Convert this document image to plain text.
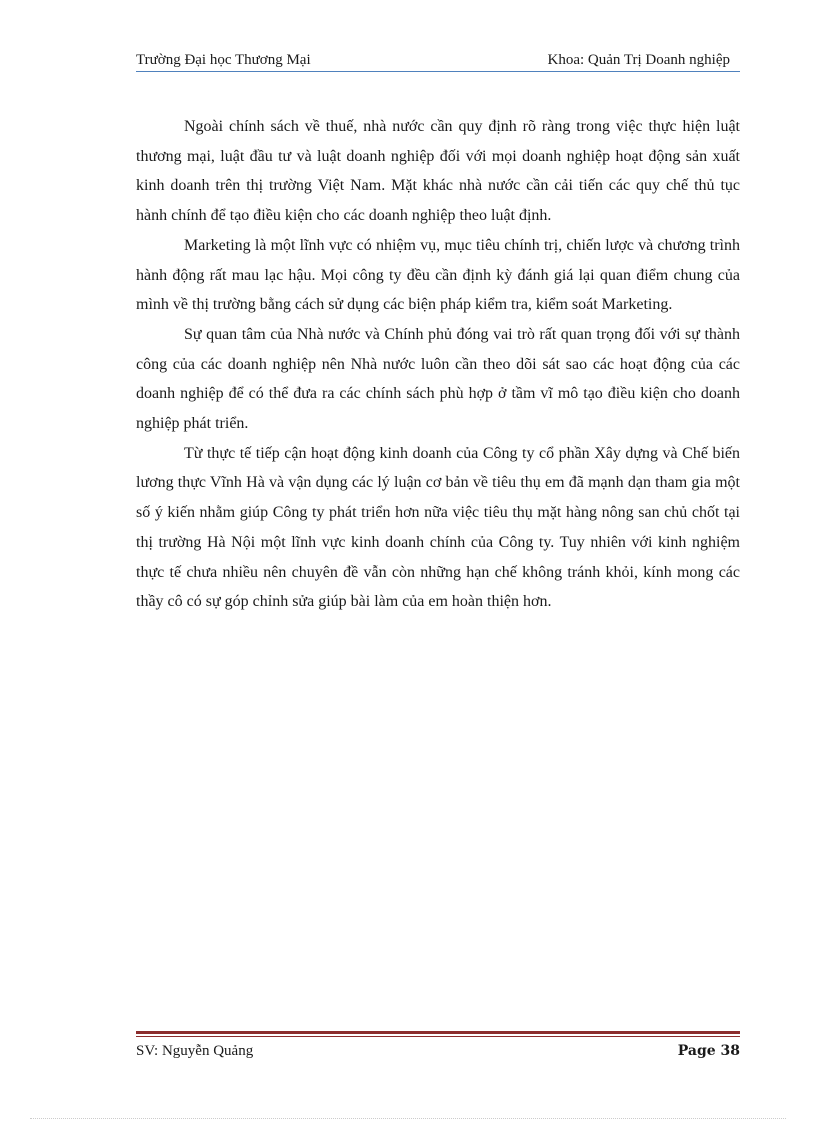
Trường Đại học Thương Mại	Khoa: Quản Trị Doanh nghiệp

Ngoài chính sách về thuế, nhà nước cần quy định rõ ràng trong việc thực hiện luật thương mại, luật đầu tư và luật doanh nghiệp đối với mọi doanh nghiệp hoạt động sản xuất kinh doanh trên thị trường Việt Nam. Mặt khác nhà nước cần cải tiến các quy chế thủ tục hành chính để tạo điều kiện cho các doanh nghiệp theo luật định.

Marketing là một lĩnh vực có nhiệm vụ, mục tiêu chính trị, chiến lược và chương trình hành động rất mau lạc hậu. Mọi công ty đều cần định kỳ đánh giá lại quan điểm chung của mình về thị trường bằng cách sử dụng các biện pháp kiểm tra, kiểm soát Marketing.

Sự quan tâm của Nhà nước và Chính phủ đóng vai trò rất quan trọng đối với sự thành công của các doanh nghiệp nên Nhà nước luôn cần theo dõi sát sao các hoạt động của các doanh nghiệp để có thể đưa ra các chính sách phù hợp ở tầm vĩ mô tạo điều kiện cho doanh nghiệp phát triển.

Từ thực tế tiếp cận hoạt động kinh doanh của Công ty cổ phần Xây dựng và Chế biến lương thực Vĩnh Hà và vận dụng các lý luận cơ bản về tiêu thụ em đã mạnh dạn tham gia một số ý kiến nhằm giúp Công ty phát triển hơn nữa việc tiêu thụ mặt hàng nông san chủ chốt tại thị trường Hà Nội một lĩnh vực kinh doanh chính của Công ty. Tuy nhiên với kinh nghiệm thực tế chưa nhiều nên chuyên đề vẫn còn những hạn chế không tránh khỏi, kính mong các thầy cô có sự góp chỉnh sửa giúp bài làm của em hoàn thiện hơn.

SV: Nguyễn Quảng	Page 38
